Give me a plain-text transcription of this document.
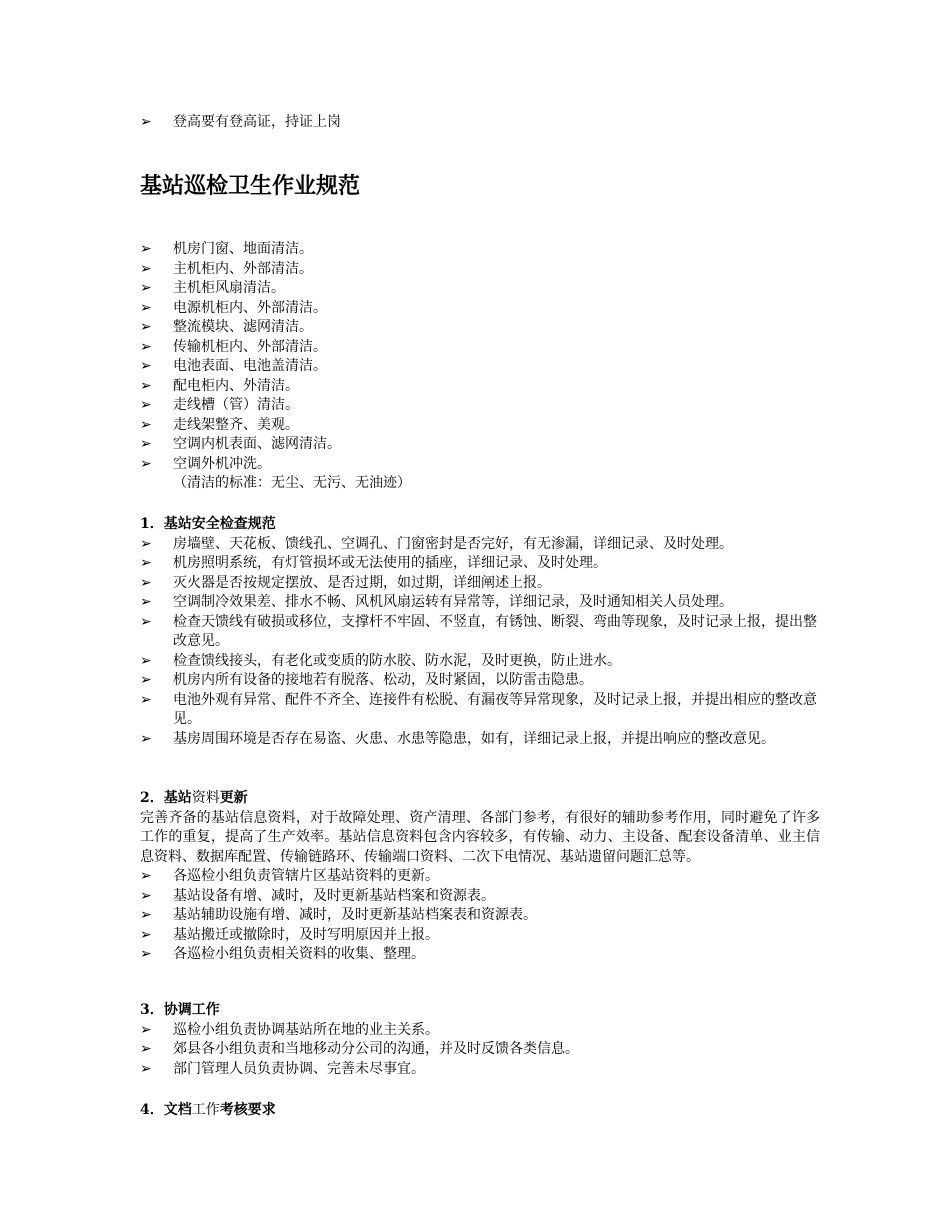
➢	登高要有登高证，持证上岗
基站巡检卫生作业规范
➢	机房门窗、地面清洁。
➢	主机柜内、外部清洁。
➢	主机柜风扇清洁。
➢	电源机柜内、外部清洁。
➢	整流模块、滤网清洁。
➢	传输机柜内、外部清洁。
➢	电池表面、电池盖清洁。
➢	配电柜内、外清洁。
➢	走线槽（管）清洁。
➢	走线架整齐、美观。
➢	空调内机表面、滤网清洁。
➢	空调外机冲洗。
（清洁的标准：无尘、无污、无油迹）
1．基站安全检查规范
➢	房墙壁、天花板、馈线孔、空调孔、门窗密封是否完好，有无渗漏，详细记录、及时处理。
➢	机房照明系统，有灯管损坏或无法使用的插座，详细记录、及时处理。
➢	灭火器是否按规定摆放、是否过期，如过期，详细阐述上报。
➢	空调制冷效果差、排水不畅、风机风扇运转有异常等，详细记录，及时通知相关人员处理。
➢	检查天馈线有破损或移位，支撑杆不牢固、不竖直，有锈蚀、断裂、弯曲等现象，及时记录上报，提出整改意见。
➢	检查馈线接头，有老化或变质的防水胶、防水泥，及时更换，防止进水。
➢	机房内所有设备的接地若有脱落、松动，及时紧固，以防雷击隐患。
➢	电池外观有异常、配件不齐全、连接件有松脱、有漏夜等异常现象，及时记录上报，并提出相应的整改意见。
➢	基房周围环境是否存在易盗、火患、水患等隐患，如有，详细记录上报，并提出响应的整改意见。
2．基站资料更新
完善齐备的基站信息资料，对于故障处理、资产清理、各部门参考，有很好的辅助参考作用，同时避免了许多工作的重复，提高了生产效率。基站信息资料包含内容较多，有传输、动力、主设备、配套设备清单、业主信息资料、数据库配置、传输链路环、传输端口资料、二次下电情况、基站遗留问题汇总等。
➢	各巡检小组负责管辖片区基站资料的更新。
➢	基站设备有增、减时，及时更新基站档案和资源表。
➢	基站辅助设施有增、减时，及时更新基站档案表和资源表。
➢	基站搬迁或撤除时，及时写明原因并上报。
➢	各巡检小组负责相关资料的收集、整理。
3．协调工作
➢	巡检小组负责协调基站所在地的业主关系。
➢	郊县各小组负责和当地移动分公司的沟通，并及时反馈各类信息。
➢	部门管理人员负责协调、完善未尽事宜。
4．文档工作考核要求
